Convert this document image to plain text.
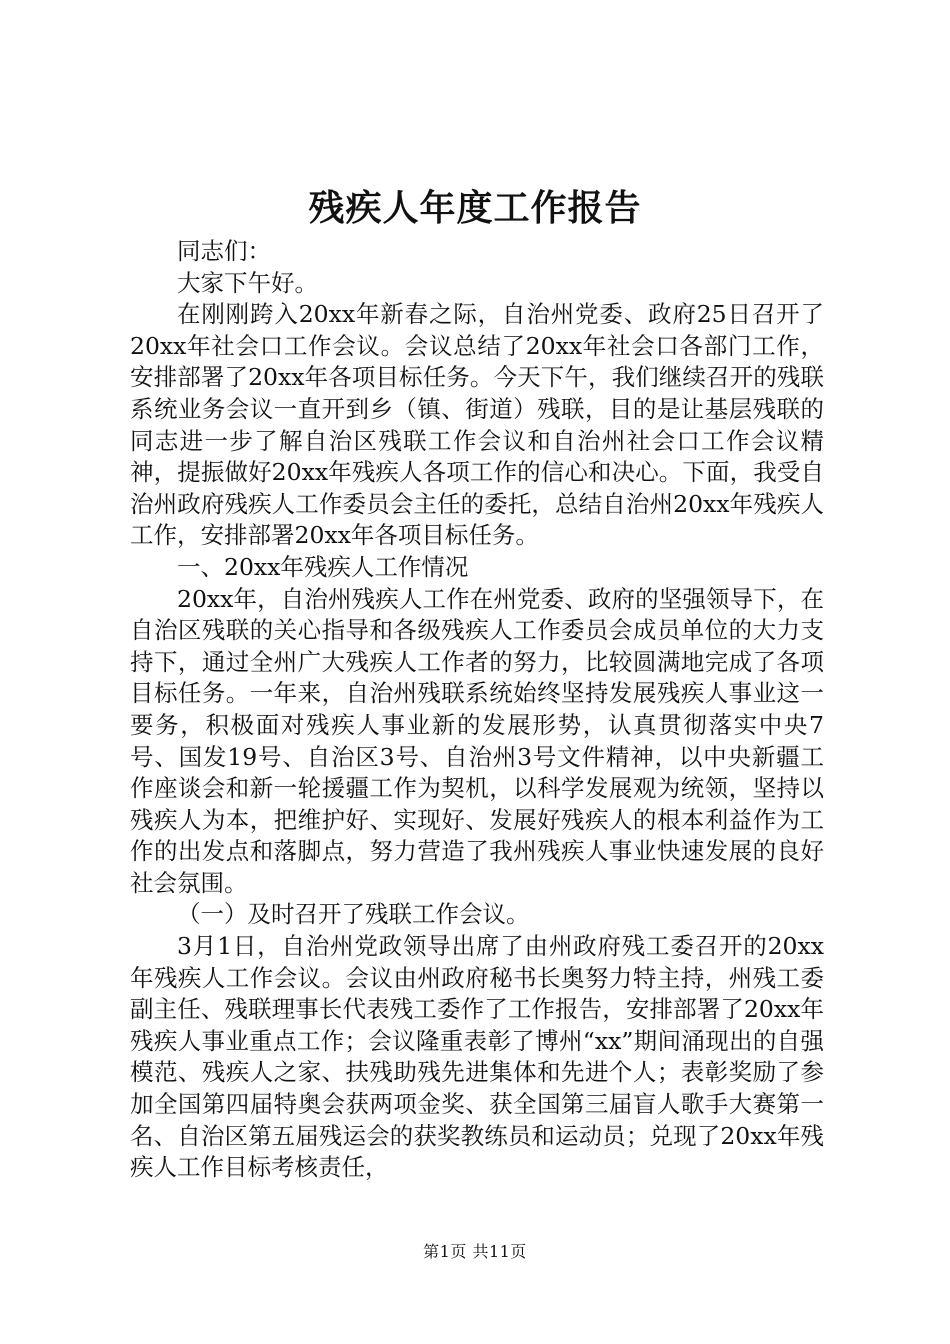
残疾人年度工作报告

同志们：

大家下午好。

在刚刚跨入20xx年新春之际，自治州党委、政府25日召开了20xx年社会口工作会议。会议总结了20xx年社会口各部门工作，安排部署了20xx年各项目标任务。今天下午，我们继续召开的残联系统业务会议一直开到乡（镇、街道）残联，目的是让基层残联的同志进一步了解自治区残联工作会议和自治州社会口工作会议精神，提振做好20xx年残疾人各项工作的信心和决心。下面，我受自治州政府残疾人工作委员会主任的委托，总结自治州20xx年残疾人工作，安排部署20xx年各项目标任务。

一、20xx年残疾人工作情况

20xx年，自治州残疾人工作在州党委、政府的坚强领导下，在自治区残联的关心指导和各级残疾人工作委员会成员单位的大力支持下，通过全州广大残疾人工作者的努力，比较圆满地完成了各项目标任务。一年来，自治州残联系统始终坚持发展残疾人事业这一要务，积极面对残疾人事业新的发展形势，认真贯彻落实中央7号、国发19号、自治区3号、自治州3号文件精神，以中央新疆工作座谈会和新一轮援疆工作为契机，以科学发展观为统领，坚持以残疾人为本，把维护好、实现好、发展好残疾人的根本利益作为工作的出发点和落脚点，努力营造了我州残疾人事业快速发展的良好社会氛围。

（一）及时召开了残联工作会议。

3月1日，自治州党政领导出席了由州政府残工委召开的20xx年残疾人工作会议。会议由州政府秘书长奥努力特主持，州残工委副主任、残联理事长代表残工委作了工作报告，安排部署了20xx年残疾人事业重点工作；会议隆重表彰了博州“xx”期间涌现出的自强模范、残疾人之家、扶残助残先进集体和先进个人；表彰奖励了参加全国第四届特奥会获两项金奖、获全国第三届盲人歌手大赛第一名、自治区第五届残运会的获奖教练员和运动员；兑现了20xx年残疾人工作目标考核责任，

第1页 共11页
